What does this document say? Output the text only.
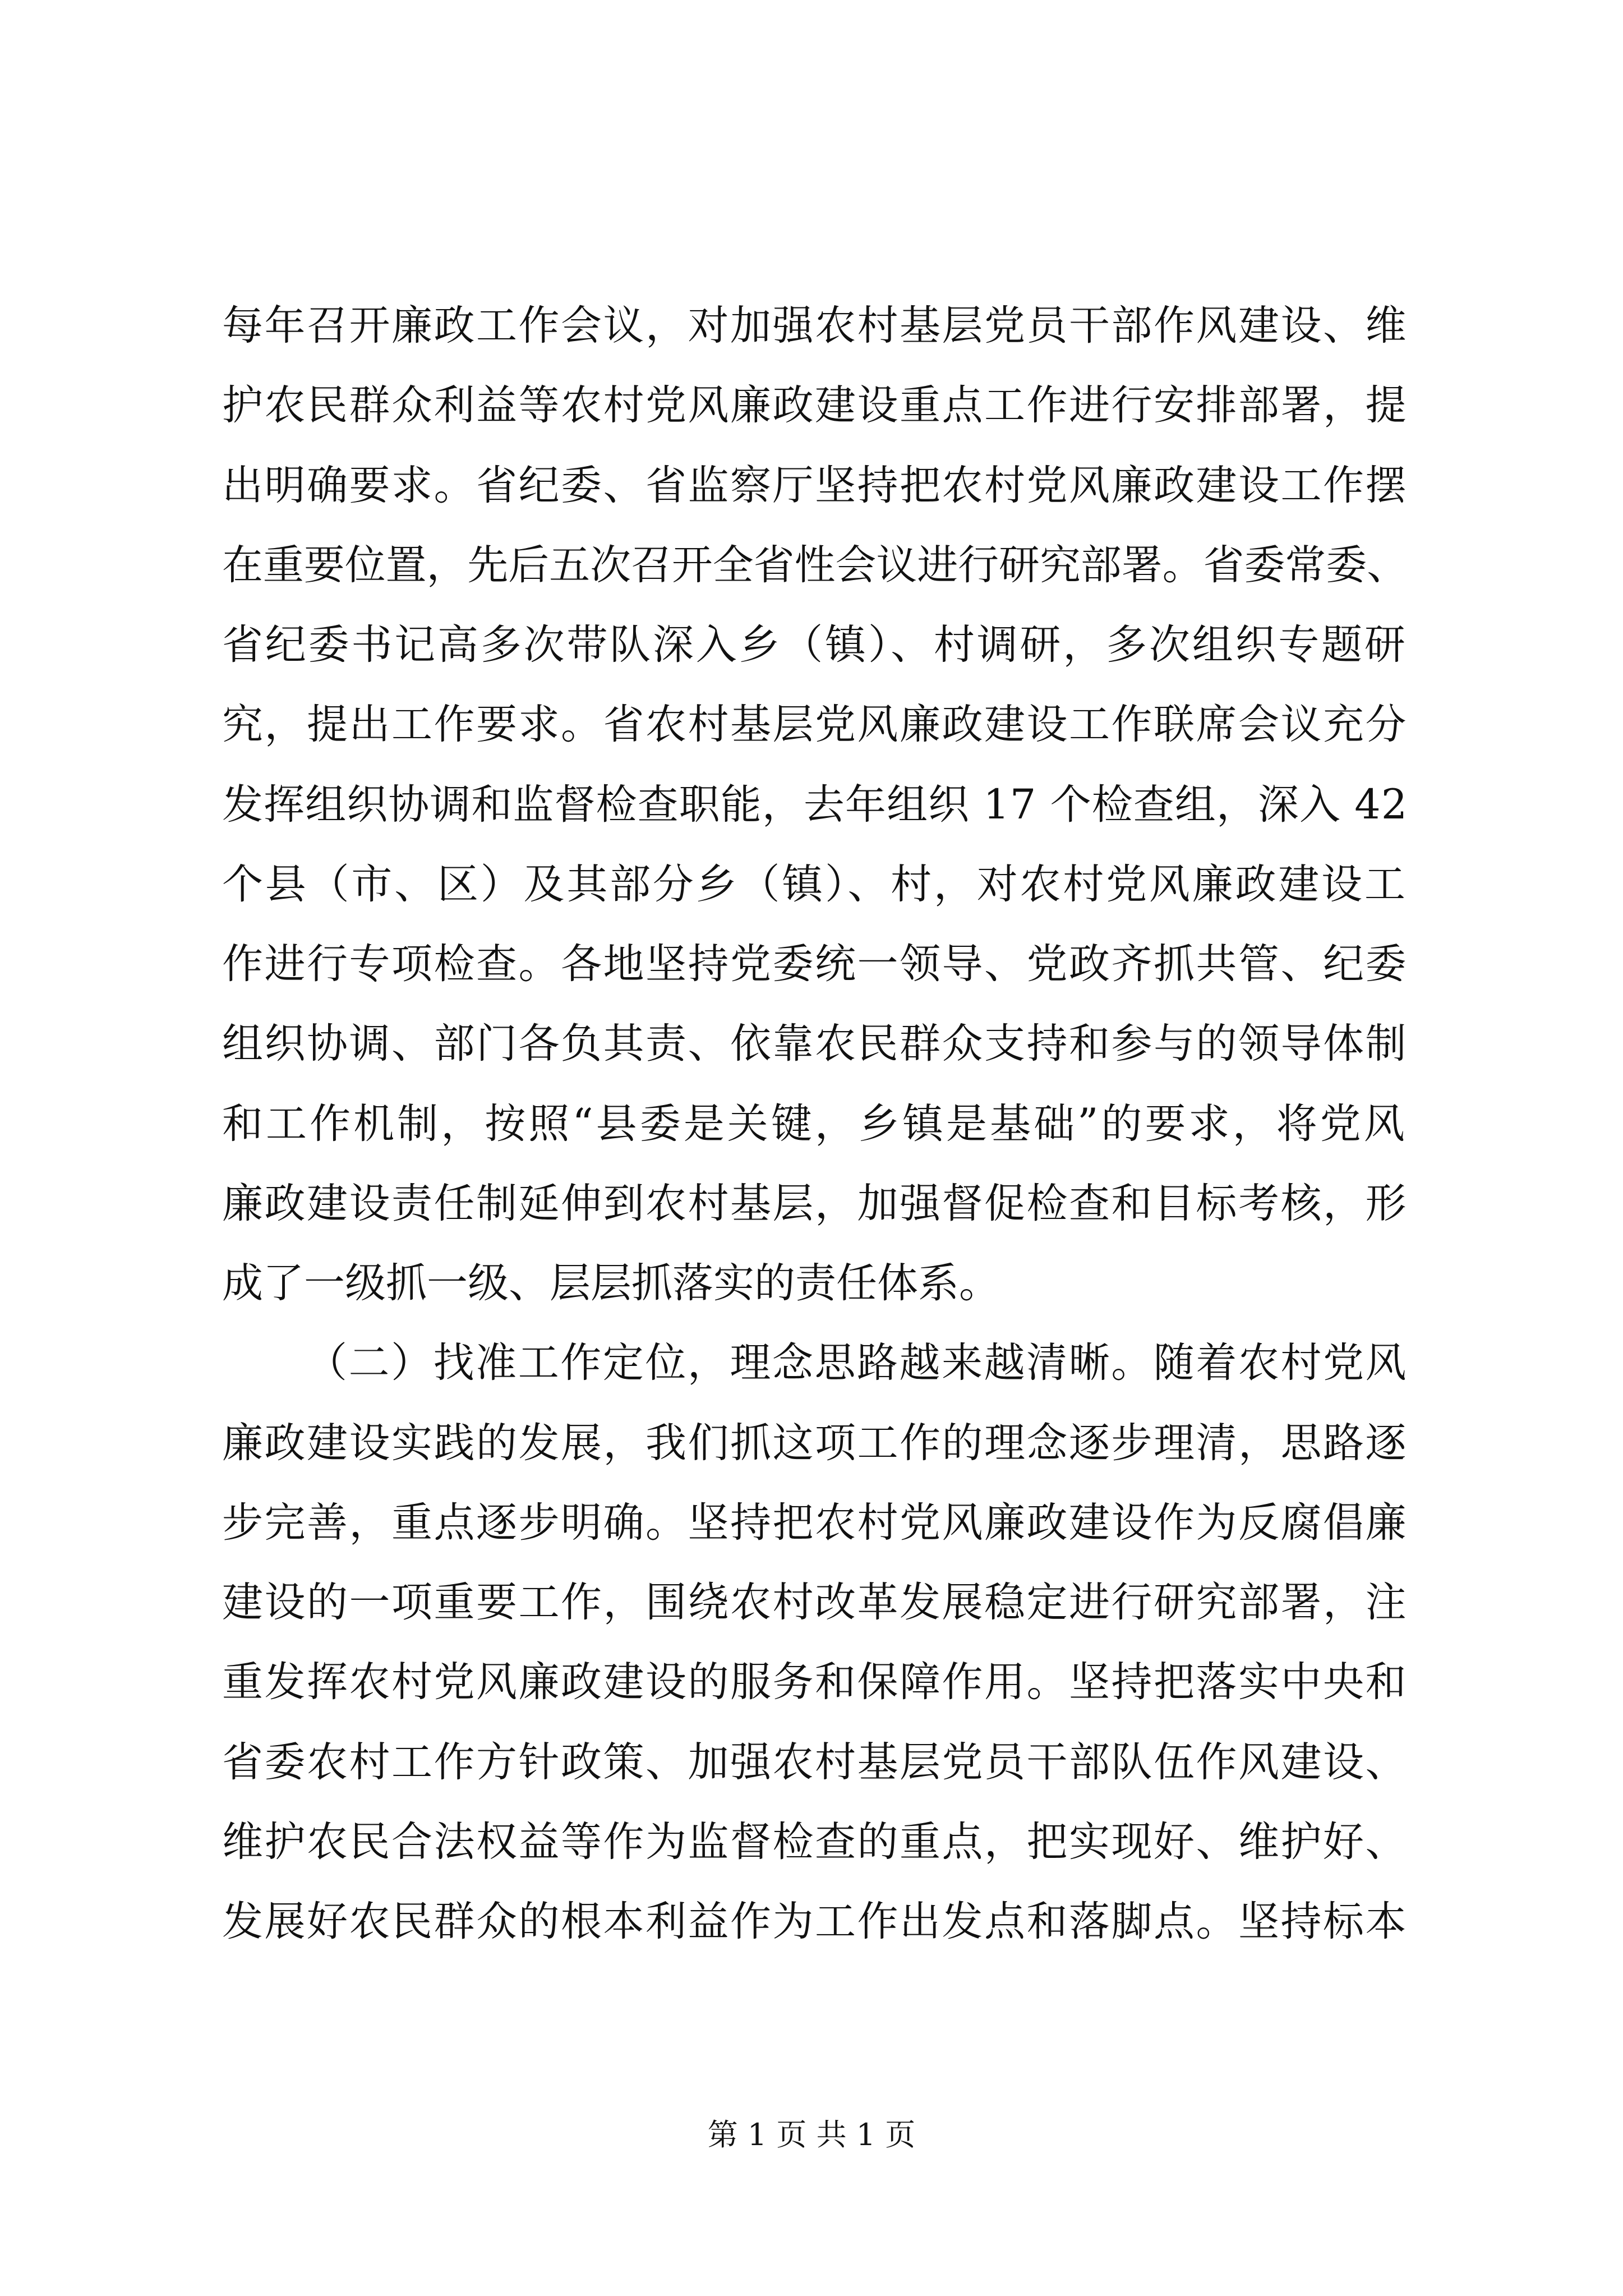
每年召开廉政工作会议，对加强农村基层党员干部作风建设、维
护农民群众利益等农村党风廉政建设重点工作进行安排部署，提
出明确要求。省纪委、省监察厅坚持把农村党风廉政建设工作摆
在重要位置，先后五次召开全省性会议进行研究部署。省委常委、
省纪委书记高多次带队深入乡（镇）、村调研，多次组织专题研
究，提出工作要求。省农村基层党风廉政建设工作联席会议充分
发挥组织协调和监督检查职能，去年组织 17 个检查组，深入 42
个县（市、区）及其部分乡（镇）、村，对农村党风廉政建设工
作进行专项检查。各地坚持党委统一领导、党政齐抓共管、纪委
组织协调、部门各负其责、依靠农民群众支持和参与的领导体制
和工作机制，按照“县委是关键，乡镇是基础”的要求，将党风
廉政建设责任制延伸到农村基层，加强督促检查和目标考核，形
成了一级抓一级、层层抓落实的责任体系。
（二）找准工作定位，理念思路越来越清晰。随着农村党风
廉政建设实践的发展，我们抓这项工作的理念逐步理清，思路逐
步完善，重点逐步明确。坚持把农村党风廉政建设作为反腐倡廉
建设的一项重要工作，围绕农村改革发展稳定进行研究部署，注
重发挥农村党风廉政建设的服务和保障作用。坚持把落实中央和
省委农村工作方针政策、加强农村基层党员干部队伍作风建设、
维护农民合法权益等作为监督检查的重点，把实现好、维护好、
发展好农民群众的根本利益作为工作出发点和落脚点。坚持标本
第 1 页 共 1 页
